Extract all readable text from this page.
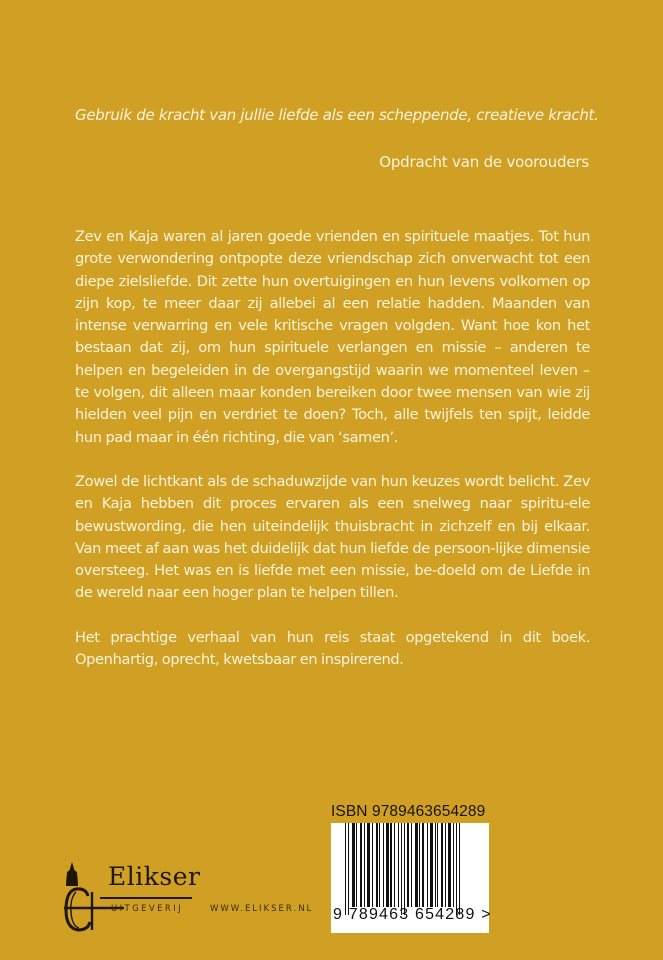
Gebruik de kracht van jullie liefde als een scheppende, creatieve kracht.
Opdracht van de voorouders

Zev en Kaja waren al jaren goede vrienden en spirituele maatjes. Tot hun grote verwondering ontpopte deze vriendschap zich onverwacht tot een diepe zielsliefde. Dit zette hun overtuigingen en hun levens volkomen op zijn kop, te meer daar zij allebei al een relatie hadden. Maanden van intense verwarring en vele kritische vragen volgden. Want hoe kon het bestaan dat zij, om hun spirituele verlangen en missie – anderen te helpen en begeleiden in de overgangstijd waarin we momenteel leven – te volgen, dit alleen maar konden bereiken door twee mensen van wie zij hielden veel pijn en verdriet te doen? Toch, alle twijfels ten spijt, leidde hun pad maar in één richting, die van ‘samen’.

Zowel de lichtkant als de schaduwzijde van hun keuzes wordt belicht. Zev en Kaja hebben dit proces ervaren als een snelweg naar spiritu-ele bewustwording, die hen uiteindelijk thuisbracht in zichzelf en bij elkaar. Van meet af aan was het duidelijk dat hun liefde de persoon-lijke dimensie oversteeg. Het was en is liefde met een missie, be-doeld om de Liefde in de wereld naar een hoger plan te helpen tillen.

Het prachtige verhaal van hun reis staat opgetekend in dit boek. Openhartig, oprecht, kwetsbaar en inspirerend.

Elikser
UITGEVERIJ	WWW.ELIKSER.NL
ISBN 9789463654289
9 789463 654289 >
